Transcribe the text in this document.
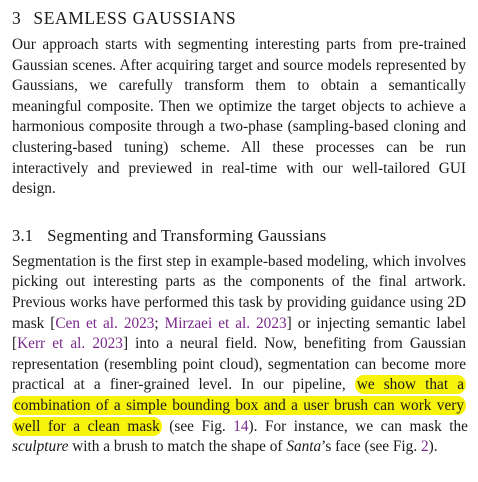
3 SEAMLESS GAUSSIANS

Our approach starts with segmenting interesting parts from pre-trained Gaussian scenes. After acquiring target and source models represented by Gaussians, we carefully transform them to obtain a semantically meaningful composite. Then we optimize the target objects to achieve a harmonious composite through a two-phase (sampling-based cloning and clustering-based tuning) scheme. All these processes can be run interactively and previewed in real-time with our well-tailored GUI design.

3.1 Segmenting and Transforming Gaussians

Segmentation is the first step in example-based modeling, which involves picking out interesting parts as the components of the final artwork. Previous works have performed this task by providing guidance using 2D mask [Cen et al. 2023; Mirzaei et al. 2023] or injecting semantic label [Kerr et al. 2023] into a neural field. Now, benefiting from Gaussian representation (resembling point cloud), segmentation can become more practical at a finer-grained level. In our pipeline, we show that a combination of a simple bounding box and a user brush can work very well for a clean mask (see Fig. 14). For instance, we can mask the sculpture with a brush to match the shape of Santa’s face (see Fig. 2).
